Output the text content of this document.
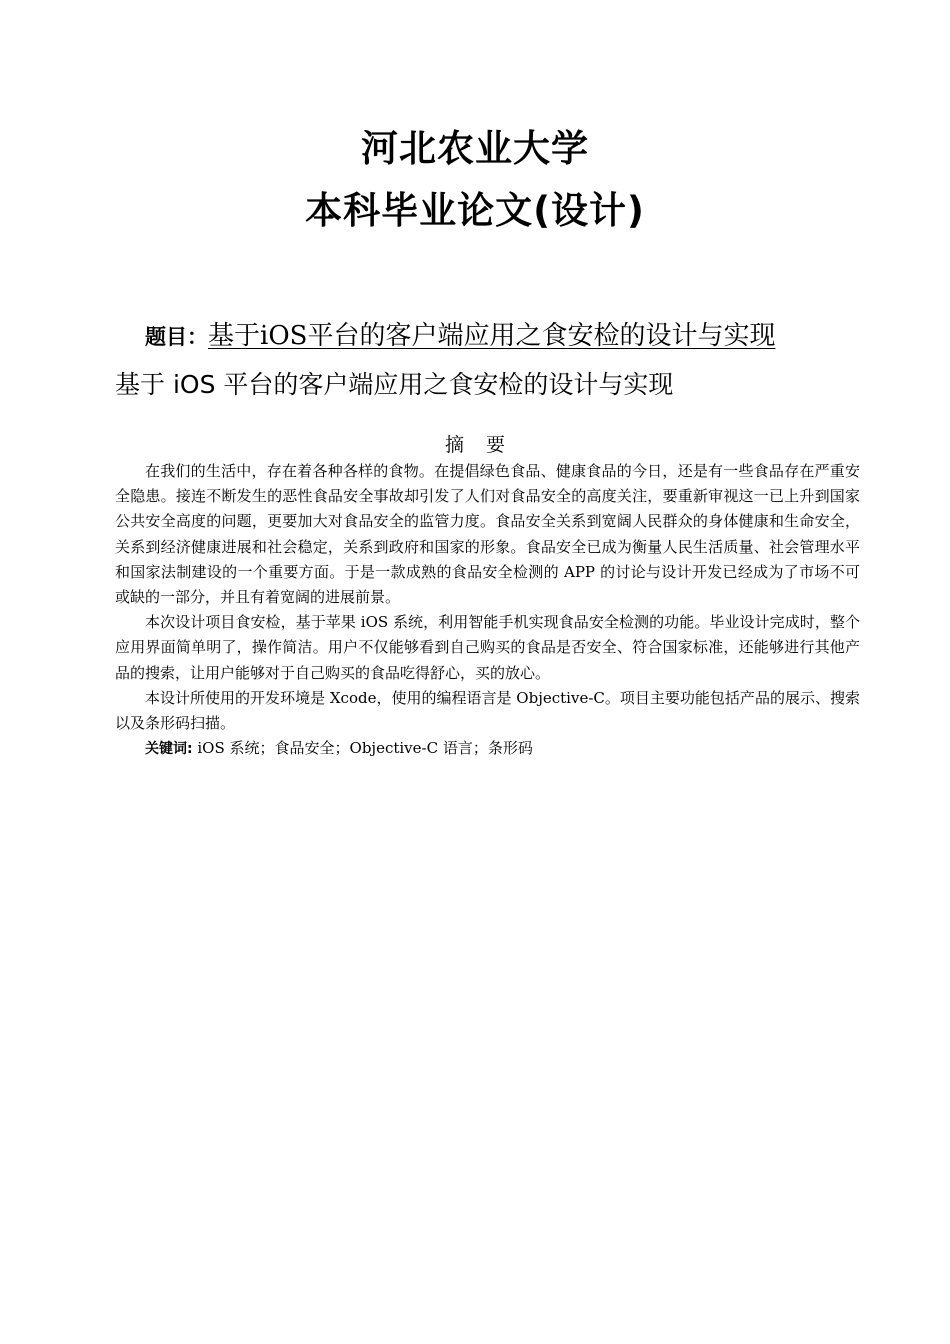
河北农业大学
本科毕业论文(设计)
题目：基于iOS平台的客户端应用之食安检的设计与实现
基于 iOS 平台的客户端应用之食安检的设计与实现
摘要

在我们的生活中，存在着各种各样的食物。在提倡绿色食品、健康食品的今日，还是有一些食品存在严重安全隐患。接连不断发生的恶性食品安全事故却引发了人们对食品安全的高度关注，要重新审视这一已上升到国家公共安全高度的问题，更要加大对食品安全的监管力度。食品安全关系到宽阔人民群众的身体健康和生命安全，关系到经济健康进展和社会稳定，关系到政府和国家的形象。食品安全已成为衡量人民生活质量、社会管理水平和国家法制建设的一个重要方面。于是一款成熟的食品安全检测的 APP 的讨论与设计开发已经成为了市场不可或缺的一部分，并且有着宽阔的进展前景。

本次设计项目食安检，基于苹果 iOS 系统，利用智能手机实现食品安全检测的功能。毕业设计完成时，整个应用界面简单明了，操作简洁。用户不仅能够看到自己购买的食品是否安全、符合国家标准，还能够进行其他产品的搜索，让用户能够对于自己购买的食品吃得舒心，买的放心。

本设计所使用的开发环境是 Xcode，使用的编程语言是 Objective-C。项目主要功能包括产品的展示、搜索以及条形码扫描。

关键词: iOS 系统；食品安全；Objective-C 语言；条形码
